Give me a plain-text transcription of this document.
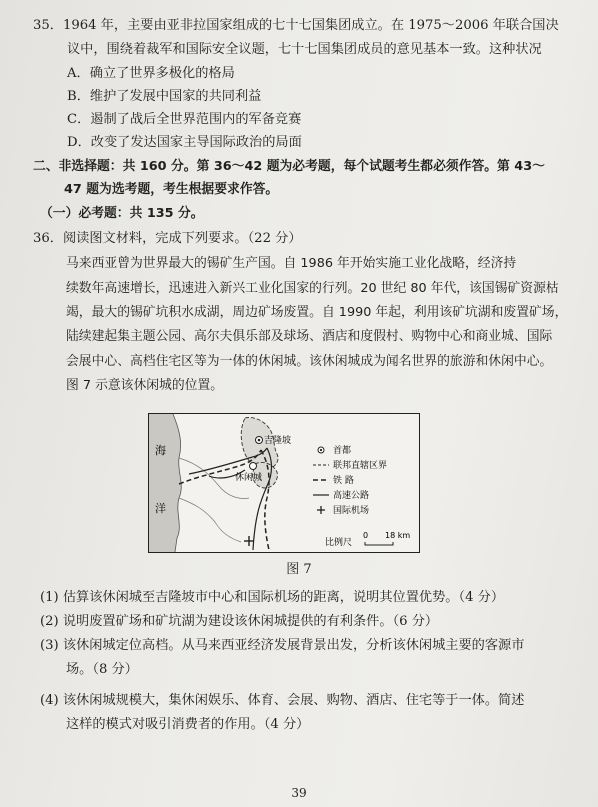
35．1964 年，主要由亚非拉国家组成的七十七国集团成立。在 1975～2006 年联合国决
议中，围绕着裁军和国际安全议题，七十七国集团成员的意见基本一致。这种状况
A．确立了世界多极化的格局
B．维护了发展中国家的共同利益
C．遏制了战后全世界范围内的军备竞赛
D．改变了发达国家主导国际政治的局面
二、非选择题：共 160 分。第 36～42 题为必考题，每个试题考生都必须作答。第 43～
47 题为选考题，考生根据要求作答。
（一）必考题：共 135 分。
36．阅读图文材料，完成下列要求。（22 分）
马来西亚曾为世界最大的锡矿生产国。自 1986 年开始实施工业化战略，经济持
续数年高速增长，迅速进入新兴工业化国家的行列。20 世纪 80 年代，该国锡矿资源枯
竭，最大的锡矿坑积水成湖，周边矿场废置。自 1990 年起，利用该矿坑湖和废置矿场，
陆续建起集主题公园、高尔夫俱乐部及球场、酒店和度假村、购物中心和商业城、国际
会展中心、高档住宅区等为一体的休闲城。该休闲城成为闻名世界的旅游和休闲中心。
图 7 示意该休闲城的位置。
海
洋
吉隆坡
休闲城
首都
联邦直辖区界
铁 路
高速公路
国际机场
比例尺
0 18 km
图 7
(1) 估算该休闲城至吉隆坡市中心和国际机场的距离，说明其位置优势。（4 分）
(2) 说明废置矿场和矿坑湖为建设该休闲城提供的有利条件。（6 分）
(3) 该休闲城定位高档。从马来西亚经济发展背景出发，分析该休闲城主要的客源市
场。（8 分）
(4) 该休闲城规模大，集休闲娱乐、体育、会展、购物、酒店、住宅等于一体。简述
这样的模式对吸引消费者的作用。（4 分）
39
